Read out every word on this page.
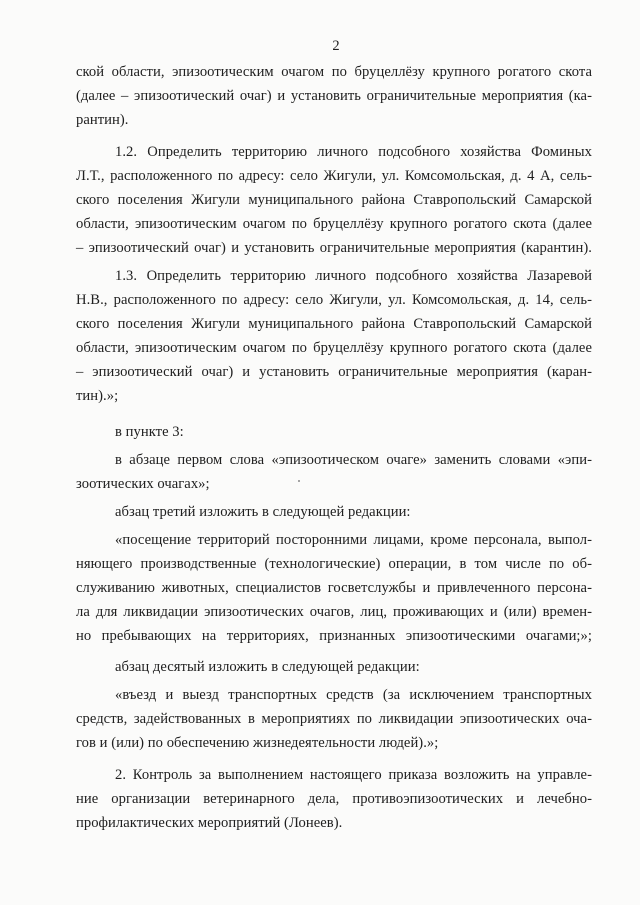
2
ской области, эпизоотическим очагом по бруцеллёзу крупного рогатого скота
(далее – эпизоотический очаг) и установить ограничительные мероприятия (ка-
рантин).
1.2. Определить территорию личного подсобного хозяйства Фоминых
Л.Т., расположенного по адресу: село Жигули, ул. Комсомольская, д. 4 А, сель-
ского поселения Жигули муниципального района Ставропольский Самарской
области, эпизоотическим очагом по бруцеллёзу крупного рогатого скота (далее
– эпизоотический очаг) и установить ограничительные мероприятия (карантин).
1.3. Определить территорию личного подсобного хозяйства Лазаревой
Н.В., расположенного по адресу: село Жигули, ул. Комсомольская, д. 14, сель-
ского поселения Жигули муниципального района Ставропольский Самарской
области, эпизоотическим очагом по бруцеллёзу крупного рогатого скота (далее
– эпизоотический очаг) и установить ограничительные мероприятия (каран-
тин).»;
в пункте 3:
в абзаце первом слова «эпизоотическом очаге» заменить словами «эпи-
зоотических очагах»;
абзац третий изложить в следующей редакции:
«посещение территорий посторонними лицами, кроме персонала, выпол-
няющего производственные (технологические) операции, в том числе по об-
служиванию животных, специалистов госветслужбы и привлеченного персона-
ла для ликвидации эпизоотических очагов, лиц, проживающих и (или) времен-
но пребывающих на территориях, признанных эпизоотическими очагами;»;
абзац десятый изложить в следующей редакции:
«въезд и выезд транспортных средств (за исключением транспортных
средств, задействованных в мероприятиях по ликвидации эпизоотических оча-
гов и (или) по обеспечению жизнедеятельности людей).»;
2. Контроль за выполнением настоящего приказа возложить на управле-
ние организации ветеринарного дела, противоэпизоотических и лечебно-
профилактических мероприятий (Лонеев).
